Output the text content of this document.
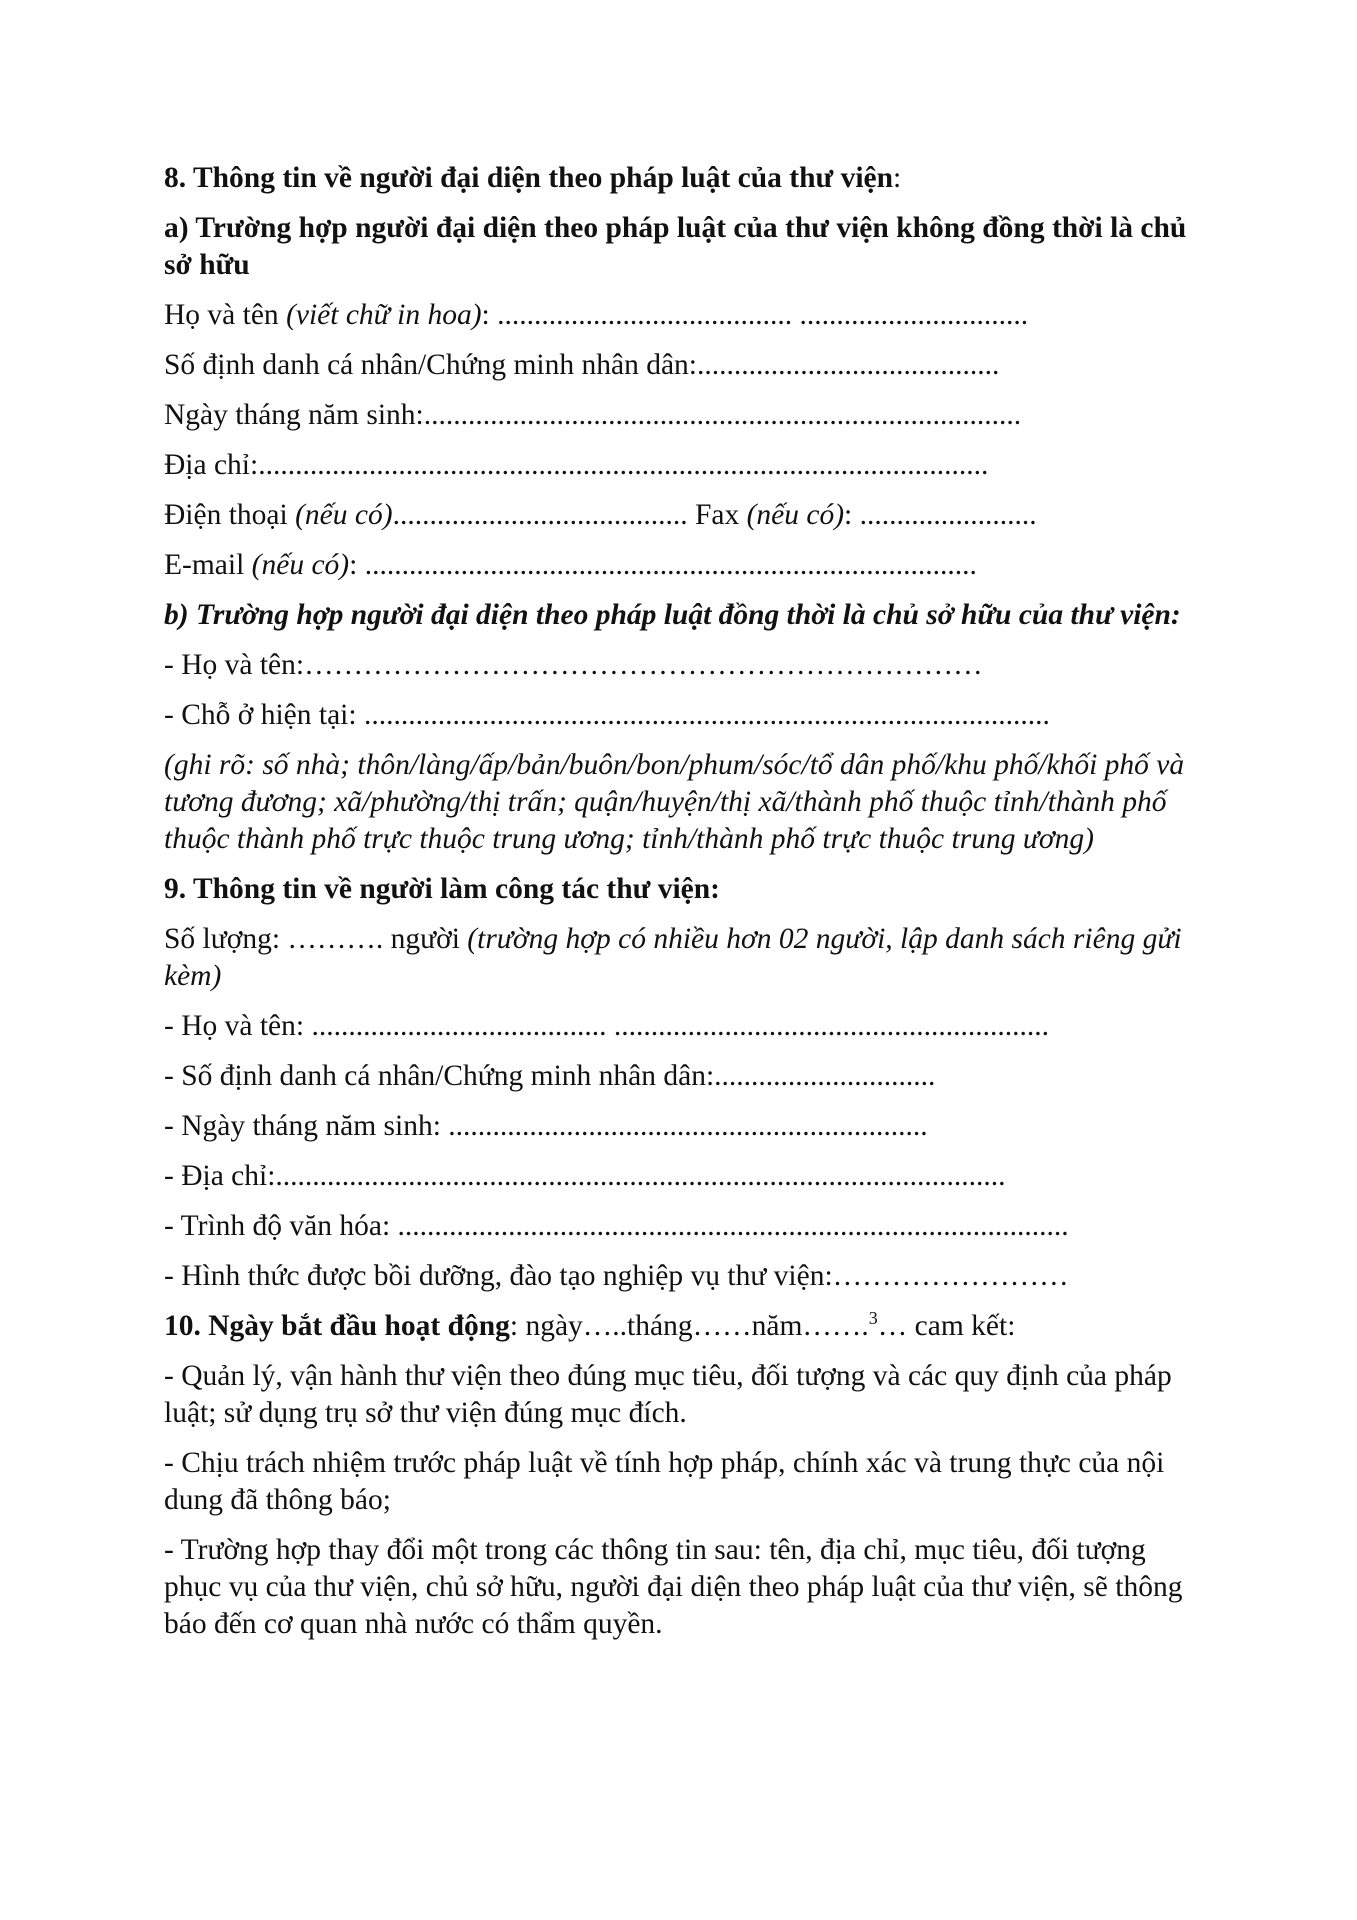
8. Thông tin về người đại diện theo pháp luật của thư viện:

a) Trường hợp người đại diện theo pháp luật của thư viện không đồng thời là chủ sở hữu

Họ và tên (viết chữ in hoa): ........................................ ...............................

Số định danh cá nhân/Chứng minh nhân dân:.........................................

Ngày tháng năm sinh:.................................................................................

Địa chỉ:...................................................................................................

Điện thoại (nếu có)........................................ Fax (nếu có): ........................

E-mail (nếu có): ...................................................................................

b) Trường hợp người đại diện theo pháp luật đồng thời là chủ sở hữu của thư viện:

- Họ và tên:……………………………………………………………

- Chỗ ở hiện tại: .............................................................................................

(ghi rõ: số nhà; thôn/làng/ấp/bản/buôn/bon/phum/sóc/tổ dân phố/khu phố/khối phố và tương đương; xã/phường/thị trấn; quận/huyện/thị xã/thành phố thuộc tỉnh/thành phố thuộc thành phố trực thuộc trung ương; tỉnh/thành phố trực thuộc trung ương)

9. Thông tin về người làm công tác thư viện:

Số lượng: ………. người (trường hợp có nhiều hơn 02 người, lập danh sách riêng gửi kèm)

- Họ và tên: ........................................ ...........................................................

- Số định danh cá nhân/Chứng minh nhân dân:..............................

- Ngày tháng năm sinh: .................................................................

- Địa chỉ:...................................................................................................

- Trình độ văn hóa: ...........................................................................................

- Hình thức được bồi dưỡng, đào tạo nghiệp vụ thư viện:……………………

10. Ngày bắt đầu hoạt động: ngày…..tháng……năm…….$^3$… cam kết:

- Quản lý, vận hành thư viện theo đúng mục tiêu, đối tượng và các quy định của pháp luật; sử dụng trụ sở thư viện đúng mục đích.

- Chịu trách nhiệm trước pháp luật về tính hợp pháp, chính xác và trung thực của nội dung đã thông báo;

- Trường hợp thay đổi một trong các thông tin sau: tên, địa chỉ, mục tiêu, đối tượng phục vụ của thư viện, chủ sở hữu, người đại diện theo pháp luật của thư viện, sẽ thông báo đến cơ quan nhà nước có thẩm quyền.
